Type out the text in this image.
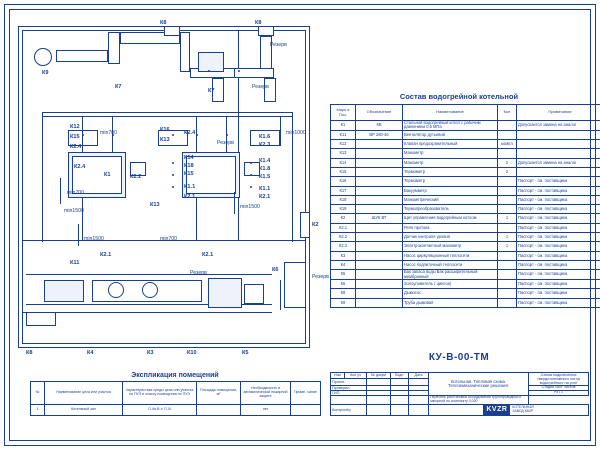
К8	К8
Резерв
К9
К7
К7
Резерв
К12	К16
К1.6
К15	К13
К2.3
К2.4
К2.4
Резерв
min700	min1000
К14	К1.4
К2.4	К18	К1.8
К1	К15	К1.5
К2.2
min700
К1.1	К1.1
К2.1	К2.1
min1500
К13	min1500
К2
min1500	min700
К2.1	К2.1
К11
Резерв	К6
Резерв
К8	К4	К3	К10	К5
Состав водогрейной котельной
Марк а Поз.	Обозначение	Наименование	Кол	Примечание
К1	КВ	Стальной водогрейный котел с рабочим давлением 0,6 МПа		Допускается замена на аналог
К11	ВР 280-46	Вентилятор дутьевой		
К12		Клапан предохранительный	компл	
К13		Манометр		
К14		Манометр	2	Допускается замена на аналог
К15		Термометр	2	
К16		Термометр		Паспорт - см. поставщика
К17		Вакуумметр		Паспорт - см. поставщика
К18		Манометрический		Паспорт - см. поставщика
К19		Термопреобразователь		Паспорт - см. поставщика
К2	ШУК ВТ	Щит управления водогрейным котлом	1	Паспорт - см. поставщика
К2.1		Реле протока		Паспорт - см. поставщика
К2.2		Датчик контроля уровня	1	Паспорт - см. поставщика
К2.3		Электроконтактный манометр	1	Паспорт - см. поставщика
К3		Насос циркуляционный теплосети		Паспорт - см. поставщика
К4		Насос подпиточный теплосети		Паспорт - см. поставщика
К5		Бак запаса воды Бак расширительный мембранный		Паспорт - см. поставщика
К6		Золоуловитель ( циклон)		Паспорт - см. поставщика
К8		Дымосос		Паспорт - см. поставщика
К9		Труба дымовая		Паспорт - см. поставщика
КУ-В-00-ТМ
Экспликация помещений
№	Наименование цеха или участка	Характеристика среды цеха или участка по ПУЭ и классу помещения по ПУЭ	Площадь помещения, м²	Необходимость в автоматической пожарной защите	Приме- чание
1	Котельный зал	П-IIа В-Iг П-III		нет	
Изм	Кол.уч	№ докум	Подп.	Дата	Котельная. Тепловая схема. Теплоемеханические решения.	Схема подключения твердотопливного котла водогрейного на угле
Проект.						
Проверил						Стадия Лист Листов
ГИП						Р/П 1
					Перечень расстановки оборудования трубопроводной и запорной по комплекту 0,000	
Контролёр					KVZR КОТЕЛЬНЫЙ
ЗАВОД КВЗР	
